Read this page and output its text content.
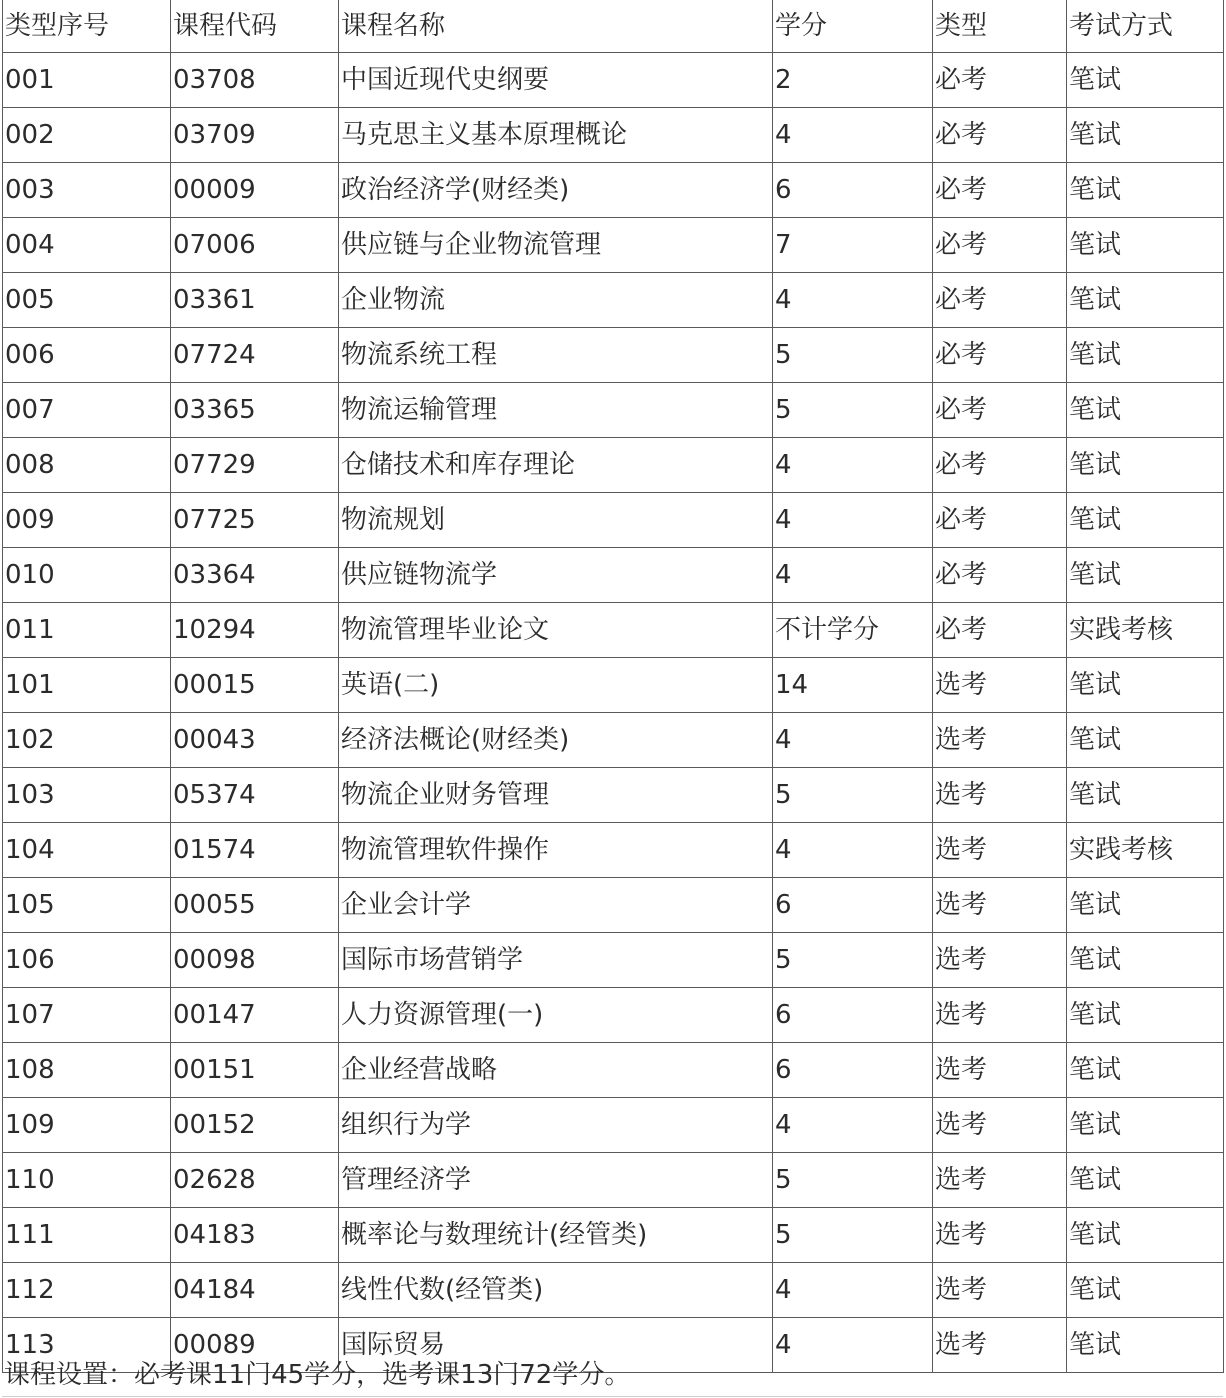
类型序号	课程代码	课程名称	学分	类型	考试方式
001	03708	中国近现代史纲要	2	必考	笔试
002	03709	马克思主义基本原理概论	4	必考	笔试
003	00009	政治经济学(财经类)	6	必考	笔试
004	07006	供应链与企业物流管理	7	必考	笔试
005	03361	企业物流	4	必考	笔试
006	07724	物流系统工程	5	必考	笔试
007	03365	物流运输管理	5	必考	笔试
008	07729	仓储技术和库存理论	4	必考	笔试
009	07725	物流规划	4	必考	笔试
010	03364	供应链物流学	4	必考	笔试
011	10294	物流管理毕业论文	不计学分	必考	实践考核
101	00015	英语(二)	14	选考	笔试
102	00043	经济法概论(财经类)	4	选考	笔试
103	05374	物流企业财务管理	5	选考	笔试
104	01574	物流管理软件操作	4	选考	实践考核
105	00055	企业会计学	6	选考	笔试
106	00098	国际市场营销学	5	选考	笔试
107	00147	人力资源管理(一)	6	选考	笔试
108	00151	企业经营战略	6	选考	笔试
109	00152	组织行为学	4	选考	笔试
110	02628	管理经济学	5	选考	笔试
111	04183	概率论与数理统计(经管类)	5	选考	笔试
112	04184	线性代数(经管类)	4	选考	笔试
113	00089	国际贸易	4	选考	笔试
课程设置：必考课11门45学分，选考课13门72学分。
